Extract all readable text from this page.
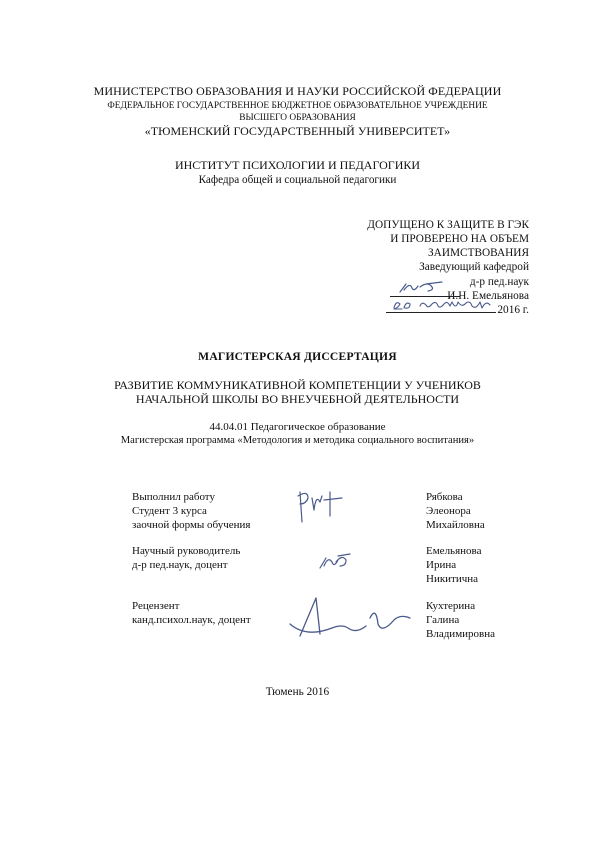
МИНИСТЕРСТВО ОБРАЗОВАНИЯ И НАУКИ РОССИЙСКОЙ ФЕДЕРАЦИИ
ФЕДЕРАЛЬНОЕ ГОСУДАРСТВЕННОЕ БЮДЖЕТНОЕ ОБРАЗОВАТЕЛЬНОЕ УЧРЕЖДЕНИЕ
ВЫСШЕГО ОБРАЗОВАНИЯ
«ТЮМЕНСКИЙ ГОСУДАРСТВЕННЫЙ УНИВЕРСИТЕТ»
ИНСТИТУТ ПСИХОЛОГИИ И ПЕДАГОГИКИ
Кафедра общей и социальной педагогики
ДОПУЩЕНО К ЗАЩИТЕ В ГЭК
И ПРОВЕРЕНО НА ОБЪЕМ
ЗАИМСТВОВАНИЯ
Заведующий кафедрой
д-р пед.наук
И.Н. Емельянова
2016 г.
МАГИСТЕРСКАЯ ДИССЕРТАЦИЯ
РАЗВИТИЕ КОММУНИКАТИВНОЙ КОМПЕТЕНЦИИ У УЧЕНИКОВ
НАЧАЛЬНОЙ ШКОЛЫ ВО ВНЕУЧЕБНОЙ ДЕЯТЕЛЬНОСТИ
44.04.01 Педагогическое образование
Магистерская программа «Методология и методика социального воспитания»
Выполнил работу
Студент 3 курса
заочной формы обучения
Рябкова
Элеонора
Михайловна
Научный руководитель
д-р пед.наук, доцент
Емельянова
Ирина
Никитична
Рецензент
канд.психол.наук, доцент
Кухтерина
Галина
Владимировна
Тюмень 2016
